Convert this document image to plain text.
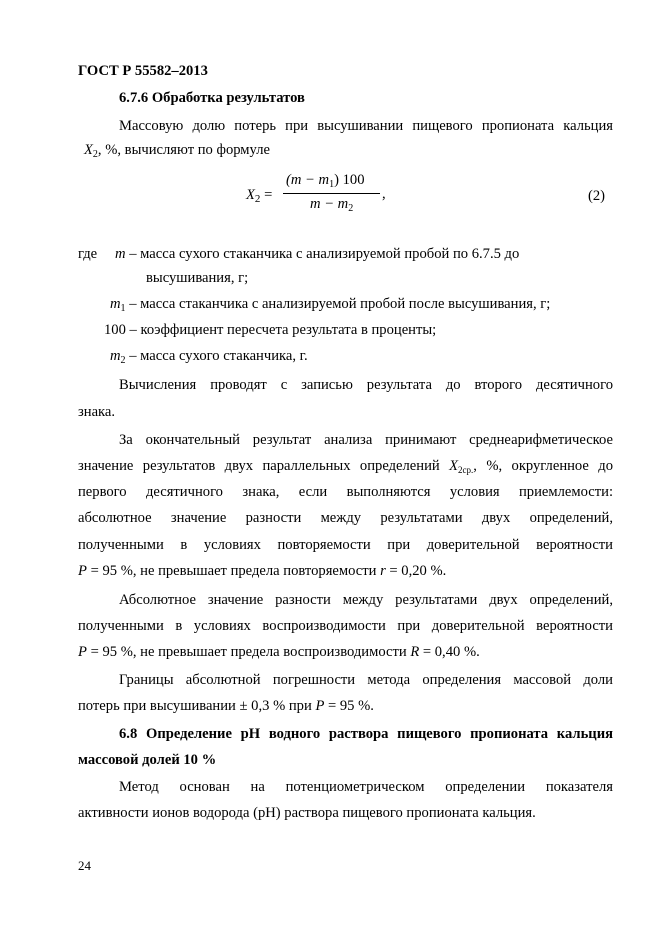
ГОСТ Р 55582–2013
6.7.6 Обработка результатов
Массовую долю потерь при высушивании пищевого пропионата кальция
$X_2$, %, вычисляют по формуле
$X_2$ =
$(m - m_1)$ 100
$m - m_2$
,	(2)
где m – масса сухого стаканчика с анализируемой пробой по 6.7.5 до
высушивания, г;
$m_1$ – масса стаканчика с анализируемой пробой после высушивания, г;
100 – коэффициент пересчета результата в проценты;
$m_2$ – масса сухого стаканчика, г.
Вычисления проводят с записью результата до второго десятичного
знака.
За окончательный результат анализа принимают среднеарифметическое
значение результатов двух параллельных определений $X_{2ср.}$, %, округленное до
первого десятичного знака, если выполняются условия приемлемости:
абсолютное значение разности между результатами двух определений,
полученными в условиях повторяемости при доверительной вероятности
P = 95 %, не превышает предела повторяемости r = 0,20 %.
Абсолютное значение разности между результатами двух определений,
полученными в условиях воспроизводимости при доверительной вероятности
P = 95 %, не превышает предела воспроизводимости R = 0,40 %.
Границы абсолютной погрешности метода определения массовой доли
потерь при высушивании ± 0,3 % при P = 95 %.
6.8 Определение pH водного раствора пищевого пропионата кальция
массовой долей 10 %
Метод основан на потенциометрическом определении показателя
активности ионов водорода (pH) раствора пищевого пропионата кальция.
24
